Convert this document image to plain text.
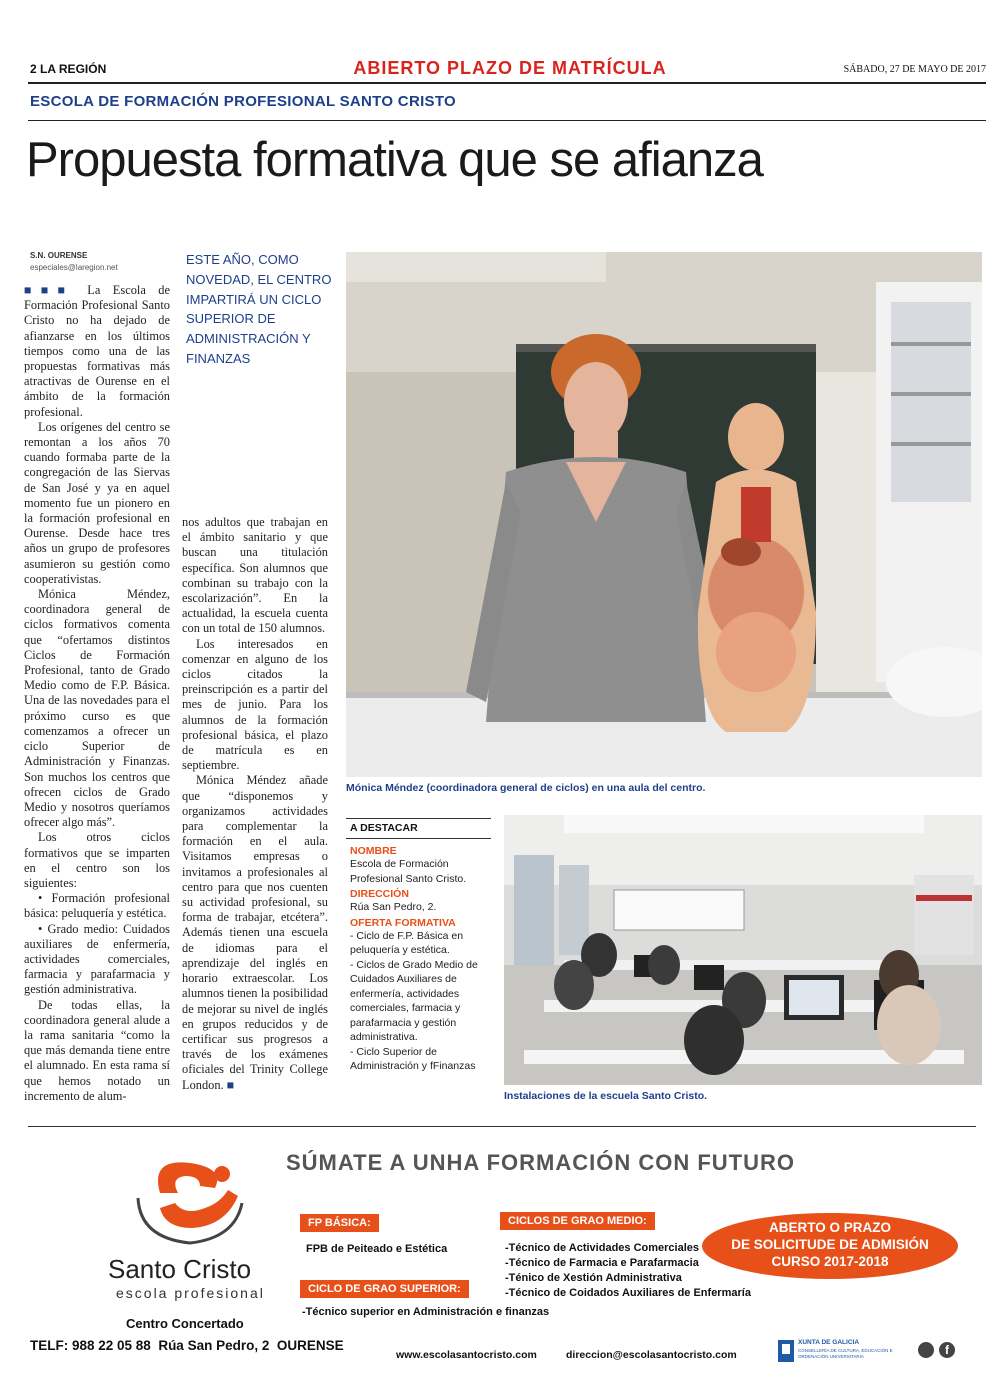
2 LA REGIÓN	ABIERTO PLAZO DE MATRÍCULA	SÁBADO, 27 DE MAYO DE 2017
ESCOLA DE FORMACIÓN PROFESIONAL SANTO CRISTO
Propuesta formativa que se afianza
S.N. OURENSE
especiales@laregion.net
ESTE AÑO, COMO NOVEDAD, EL CENTRO IMPARTIRÁ UN CICLO SUPERIOR DE ADMINISTRACIÓN Y FINANZAS

■■■ La Escola de Formación Profesional Santo Cristo no ha dejado de afianzarse en los últimos tiempos como una de las propuestas formativas más atractivas de Ourense en el ámbito de la formación profesional.

Los orígenes del centro se remontan a los años 70 cuando formaba parte de la congregación de las Siervas de San José y ya en aquel momento fue un pionero en la formación profesional en Ourense. Desde hace tres años un grupo de profesores asumieron su gestión como cooperativistas.

Mónica Méndez, coordinadora general de ciclos formativos comenta que “ofertamos distintos Ciclos de Formación Profesional, tanto de Grado Medio como de F.P. Básica. Una de las novedades para el próximo curso es que comenzamos a ofrecer un ciclo Superior de Administración y Finanzas. Son muchos los centros que ofrecen ciclos de Grado Medio y nosotros queríamos ofrecer algo más”.

Los otros ciclos formativos que se imparten en el centro son los siguientes:

• Formación profesional básica: peluquería y estética.

• Grado medio: Cuidados auxiliares de enfermería, actividades comerciales, farmacia y parafarmacia y gestión administrativa.

De todas ellas, la coordinadora general alude a la rama sanitaria “como la que más demanda tiene entre el alumnado. En esta rama sí que hemos notado un incremento de alum-

nos adultos que trabajan en el ámbito sanitario y que buscan una titulación específica. Son alumnos que combinan su trabajo con la escolarización”. En la actualidad, la escuela cuenta con un total de 150 alumnos.

Los interesados en comenzar en alguno de los ciclos citados la preinscripción es a partir del mes de junio. Para los alumnos de la formación profesional básica, el plazo de matrícula es en septiembre.

Mónica Méndez añade que “disponemos y organizamos actividades para complementar la formación en el aula. Visitamos empresas o invitamos a profesionales al centro para que nos cuenten su actividad profesional, su forma de trabajar, etcétera”. Además tienen una escuela de idiomas para el aprendizaje del inglés en horario extraescolar. Los alumnos tienen la posibilidad de mejorar su nivel de inglés en grupos reducidos y de certificar sus progresos a través de los exámenes oficiales del Trinity College London. ■

Mónica Méndez (coordinadora general de ciclos) en una aula del centro.
A DESTACAR
NOMBRE
Escola de Formación Profesional Santo Cristo.
DIRECCIÓN
Rúa San Pedro, 2.
OFERTA FORMATIVA
- Ciclo de F.P. Básica en peluquería y estética.
- Ciclos de Grado Medio de Cuidados Auxiliares de enfermería, actividades comerciales, farmacia y parafarmacia y gestión administrativa.
- Ciclo Superior de Administración y fFinanzas
Instalaciones de la escuela Santo Cristo.
SÚMATE A UNHA FORMACIÓN CON FUTURO
Santo Cristo
escola profesional
Centro Concertado
TELF: 988 22 05 88  Rúa San Pedro, 2  OURENSE
FP BÁSICA:
FPB de Peiteado e Estética
CICLO DE GRAO SUPERIOR:
-Técnico superior en Administración e finanzas
CICLOS DE GRAO MEDIO:
-Técnico de Actividades Comerciales
-Técnico de Farmacia e Parafarmacia
-Ténico de Xestión Administrativa
-Técnico de Coidados Auxiliares de Enfermaría
ABERTO O PRAZO
DE SOLICITUDE DE ADMISIÓN
CURSO 2017-2018
www.escolasantocristo.com	direccion@escolasantocristo.com
XUNTA DE GALICIA
CONSELLERÍA DE CULTURA, EDUCACIÓN E ORDENACIÓN UNIVERSITARIA	f
